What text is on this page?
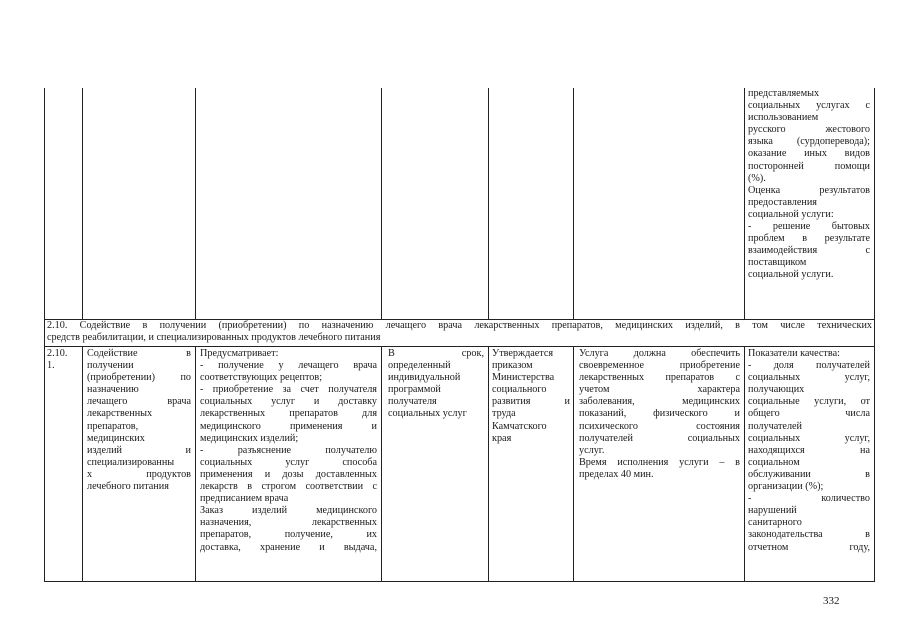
представляемых
социальных услугах с
использованием
русского жестового
языка (сурдоперевода);
оказание иных видов
посторонней помощи
(%).
Оценка результатов
предоставления
социальной услуги:
- решение бытовых
проблем в результате
взаимодействия с
поставщиком
социальной услуги.
2.10. Содействие в получении (приобретении) по назначению лечащего врача лекарственных препаратов, медицинских изделий, в том числе технических
средств реабилитации, и специализированных продуктов лечебного питания
2.10.
1.
Содействие в
получении
(приобретении) по
назначению
лечащего врача
лекарственных
препаратов,
медицинских
изделий и
специализированны
х продуктов
лечебного питания
Предусматривает:
- получение у лечащего врача
соответствующих рецептов;
- приобретение за счет получателя
социальных услуг и доставку
лекарственных препаратов для
медицинского применения и
медицинских изделий;
- разъяснение получателю
социальных услуг способа
применения и дозы доставленных
лекарств в строгом соответствии с
предписанием врача
Заказ изделий медицинского
назначения, лекарственных
препаратов, получение, их
доставка, хранение и выдача,
В срок,
определенный
индивидуальной
программой
получателя
социальных услуг
Утверждается
приказом
Министерства
социального
развития и
труда
Камчатского
края
Услуга должна обеспечить
своевременное приобретение
лекарственных препаратов с
учетом характера
заболевания, медицинских
показаний, физического и
психического состояния
получателей социальных
услуг.
Время исполнения услуги – в
пределах 40 мин.
Показатели качества:
- доля получателей
социальных услуг,
получающих
социальные услуги, от
общего числа
получателей
социальных услуг,
находящихся на
социальном
обслуживании в
организации (%);
- количество
нарушений
санитарного
законодательства в
отчетном году,
332
